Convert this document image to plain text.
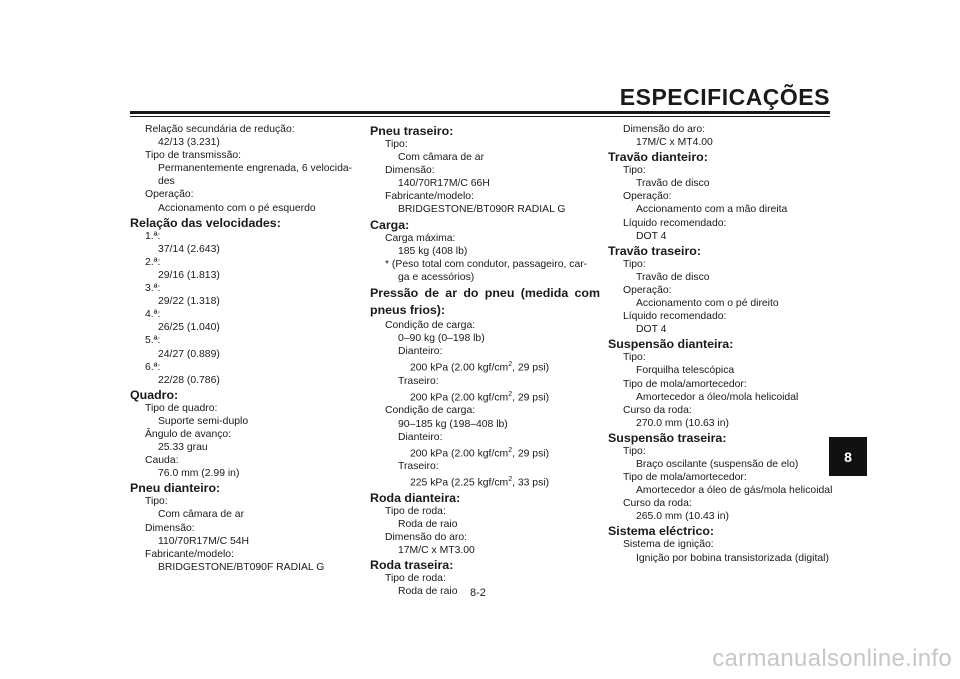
ESPECIFICAÇÕES
8
Relação secundária de redução:
42/13 (3.231)
Tipo de transmissão:
Permanentemente engrenada, 6 velocida-
des
Operação:
Accionamento com o pé esquerdo
Relação das velocidades:
1.ª:
37/14 (2.643)
2.ª:
29/16 (1.813)
3.ª:
29/22 (1.318)
4.ª:
26/25 (1.040)
5.ª:
24/27 (0.889)
6.ª:
22/28 (0.786)
Quadro:
Tipo de quadro:
Suporte semi-duplo
Ângulo de avanço:
25.33 grau
Cauda:
76.0 mm (2.99 in)
Pneu dianteiro:
Tipo:
Com câmara de ar
Dimensão:
110/70R17M/C 54H
Fabricante/modelo:
BRIDGESTONE/BT090F RADIAL G
Pneu traseiro:
Tipo:
Com câmara de ar
Dimensão:
140/70R17M/C 66H
Fabricante/modelo:
BRIDGESTONE/BT090R RADIAL G
Carga:
Carga máxima:
185 kg (408 lb)
* (Peso total com condutor, passageiro, car-
ga e acessórios)
Pressão de ar do pneu (medida com pneus frios):
Condição de carga:
0–90 kg (0–198 lb)
Dianteiro:
200 kPa (2.00 kgf/$cm^2$, 29 psi)
Traseiro:
200 kPa (2.00 kgf/$cm^2$, 29 psi)
Condição de carga:
90–185 kg (198–408 lb)
Dianteiro:
200 kPa (2.00 kgf/$cm^2$, 29 psi)
Traseiro:
225 kPa (2.25 kgf/$cm^2$, 33 psi)
Roda dianteira:
Tipo de roda:
Roda de raio
Dimensão do aro:
17M/C x MT3.00
Roda traseira:
Tipo de roda:
Roda de raio
Dimensão do aro:
17M/C x MT4.00
Travão dianteiro:
Tipo:
Travão de disco
Operação:
Accionamento com a mão direita
Líquido recomendado:
DOT 4
Travão traseiro:
Tipo:
Travão de disco
Operação:
Accionamento com o pé direito
Líquido recomendado:
DOT 4
Suspensão dianteira:
Tipo:
Forquilha telescópica
Tipo de mola/amortecedor:
Amortecedor a óleo/mola helicoidal
Curso da roda:
270.0 mm (10.63 in)
Suspensão traseira:
Tipo:
Braço oscilante (suspensão de elo)
Tipo de mola/amortecedor:
Amortecedor a óleo de gás/mola helicoidal
Curso da roda:
265.0 mm (10.43 in)
Sistema eléctrico:
Sistema de ignição:
Ignição por bobina transistorizada (digital)
8-2
carmanualsonline.info
